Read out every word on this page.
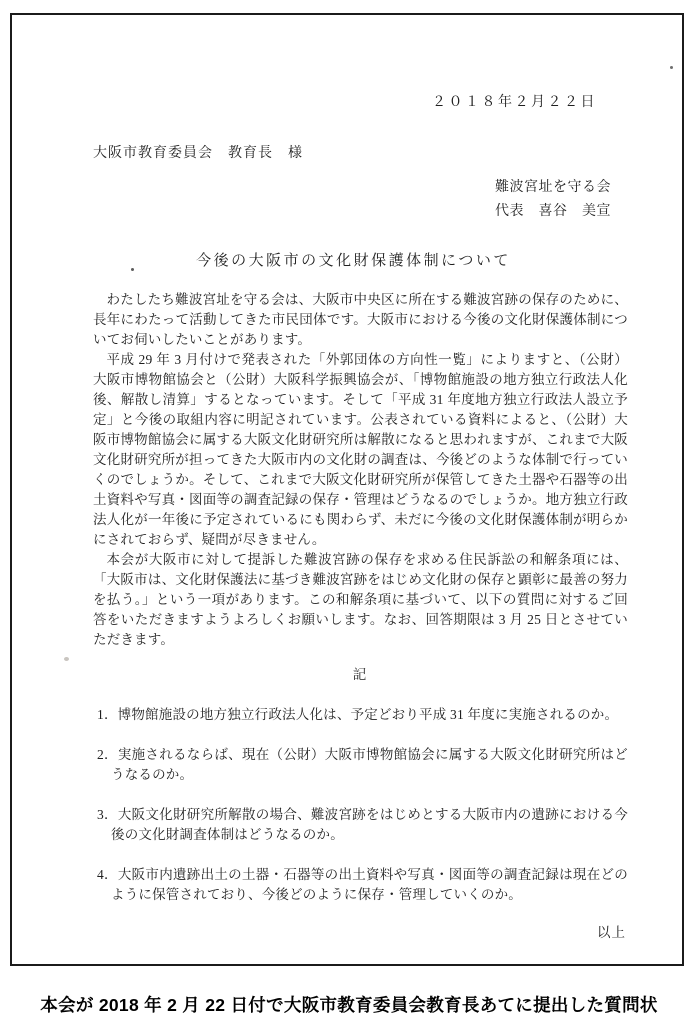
２０１８年２月２２日
大阪市教育委員会　教育長　様
難波宮址を守る会
代表　喜谷　美宣
今後の大阪市の文化財保護体制について

わたしたち難波宮址を守る会は、大阪市中央区に所在する難波宮跡の保存のために、長年にわたって活動してきた市民団体です。大阪市における今後の文化財保護体制についてお伺いしたいことがあります。

平成 29 年 3 月付けで発表された「外郭団体の方向性一覧」によりますと、（公財）大阪市博物館協会と（公財）大阪科学振興協会が、「博物館施設の地方独立行政法人化後、解散し清算」するとなっています。そして「平成 31 年度地方独立行政法人設立予定」と今後の取組内容に明記されています。公表されている資料によると、（公財）大阪市博物館協会に属する大阪文化財研究所は解散になると思われますが、これまで大阪文化財研究所が担ってきた大阪市内の文化財の調査は、今後どのような体制で行っていくのでしょうか。そして、これまで大阪文化財研究所が保管してきた土器や石器等の出土資料や写真・図面等の調査記録の保存・管理はどうなるのでしょうか。地方独立行政法人化が一年後に予定されているにも関わらず、未だに今後の文化財保護体制が明らかにされておらず、疑問が尽きません。

本会が大阪市に対して提訴した難波宮跡の保存を求める住民訴訟の和解条項には、「大阪市は、文化財保護法に基づき難波宮跡をはじめ文化財の保存と顕彰に最善の努力を払う。」という一項があります。この和解条項に基づいて、以下の質問に対するご回答をいただきますようよろしくお願いします。なお、回答期限は 3 月 25 日とさせていただきます。

記
1．博物館施設の地方独立行政法人化は、予定どおり平成 31 年度に実施されるのか。
2．実施されるならば、現在（公財）大阪市博物館協会に属する大阪文化財研究所はどうなるのか。
3．大阪文化財研究所解散の場合、難波宮跡をはじめとする大阪市内の遺跡における今後の文化財調査体制はどうなるのか。
4．大阪市内遺跡出土の土器・石器等の出土資料や写真・図面等の調査記録は現在どのように保管されており、今後どのように保存・管理していくのか。
以上
本会が 2018 年 2 月 22 日付で大阪市教育委員会教育長あてに提出した質問状
